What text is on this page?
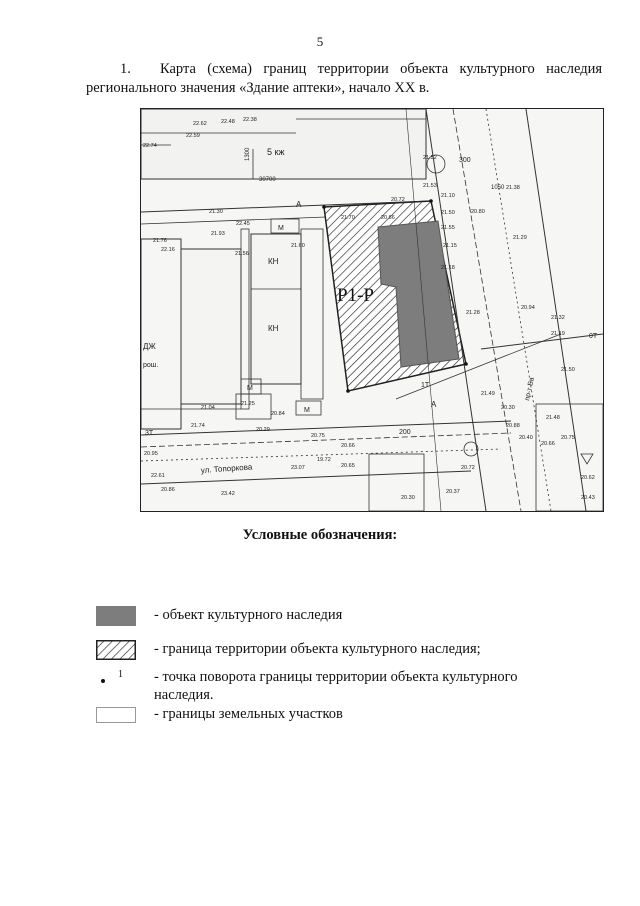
5
1. Карта (схема) границ территории объекта культурного наследия регионального значения «Здание аптеки», начало XX в.
5 кж
1300
30700
А
КН
КН
М
М
М
ДЖ
рош.
Р1-Р
А
ул. Топоркова
пр-т Ба
300
200
1050
0Т
3Т
1Т
22.62	22.48 22.38
22.59
22.74
21.30
22.45
21.93
21.76
22.16
21.56
21.60
21.70
21.52
21.53
21.10
21.15
21.18
21.28
20.94
21.32
21.19
21.50
21.48
21.49
20.30
20.88
20.40
20.66
20.75
20.62
20.43
20.30
20.37
20.72
20.66
20.75
20.29
20.84
21.25
21.04
21.74
20.95
22.61
20.86
23.42
23.07
19.72
20.65
20.72
20.66
21.50
21.55
20.80
21.38
21.29
Условные обозначения:
- объект культурного наследия
- граница территории объекта культурного наследия;
1 - точка поворота границы территории объекта культурного наследия.
- границы земельных участков
